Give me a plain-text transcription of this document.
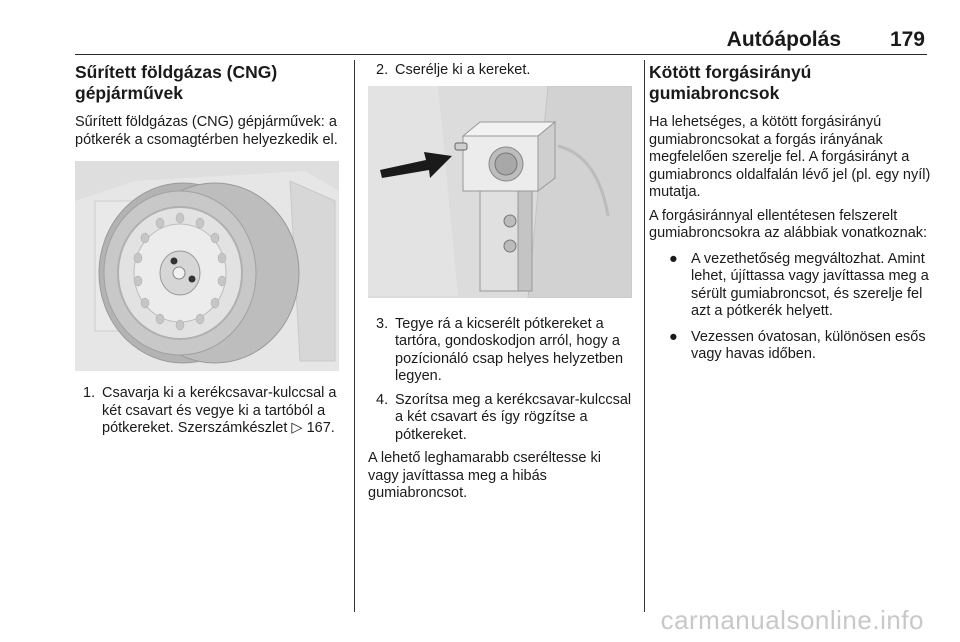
Autóápolás 179
Sűrített földgázas (CNG) gépjárművek

Sűrített földgázas (CNG) gépjárművek: a pótkerék a csomagtérben helyezkedik el.

1. Csavarja ki a kerékcsavar-kulccsal a két csavart és vegye ki a tartóból a pótkereket. Szerszámkészlet ▷ 167.
2. Cserélje ki a kereket.
3. Tegye rá a kicserélt pótkereket a tartóra, gondoskodjon arról, hogy a pozícionáló csap helyes helyzetben legyen.
4. Szorítsa meg a kerékcsavar-kulccsal a két csavart és így rögzítse a pótkereket.

A lehető leghamarabb cseréltesse ki vagy javíttassa meg a hibás gumiabroncsot.

Kötött forgásirányú gumiabroncsok

Ha lehetséges, a kötött forgásirányú gumiabroncsokat a forgás irányának megfelelően szerelje fel. A forgásirányt a gumiabroncs oldalfalán lévő jel (pl. egy nyíl) mutatja.

A forgásiránnyal ellentétesen felszerelt gumiabroncsokra az alábbiak vonatkoznak:

● A vezethetőség megváltozhat. Amint lehet, újíttassa vagy javíttassa meg a sérült gumiabroncsot, és szerelje fel azt a pótkerék helyett.
● Vezessen óvatosan, különösen esős vagy havas időben.
carmanualsonline.info
